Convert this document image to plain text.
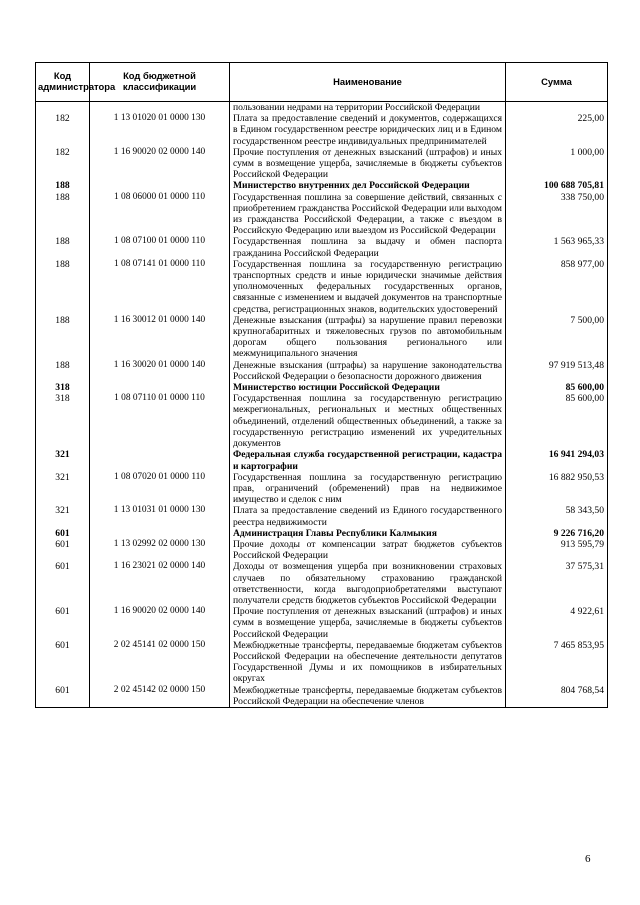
Код администратора	Код бюджетной классификации	Наименование	Сумма
		пользовании недрами на территории Российской Федерации	
182	1 13 01020 01 0000 130	Плата за предоставление сведений и документов, содержащихся в Едином государственном реестре юридических лиц и в Едином государственном реестре индивидуальных предпринимателей	225,00
182	1 16 90020 02 0000 140	Прочие поступления от денежных взысканий (штрафов) и иных сумм в возмещение ущерба, зачисляемые в бюджеты субъектов Российской Федерации	1 000,00
188		Министерство внутренних дел Российской Федерации	100 688 705,81
188	1 08 06000 01 0000 110	Государственная пошлина за совершение действий, связанных с приобретением гражданства Российской Федерации или выходом из гражданства Российской Федерации, а также с въездом в Российскую Федерацию или выездом из Российской Федерации	338 750,00
188	1 08 07100 01 0000 110	Государственная пошлина за выдачу и обмен паспорта гражданина Российской Федерации	1 563 965,33
188	1 08 07141 01 0000 110	Государственная пошлина за государственную регистрацию транспортных средств и иные юридически значимые действия уполномоченных федеральных государственных органов, связанные с изменением и выдачей документов на транспортные средства, регистрационных знаков, водительских удостоверений	858 977,00
188	1 16 30012 01 0000 140	Денежные взыскания (штрафы) за нарушение правил перевозки крупногабаритных и тяжеловесных грузов по автомобильным дорогам общего пользования регионального или межмуниципального значения	7 500,00
188	1 16 30020 01 0000 140	Денежные взыскания (штрафы) за нарушение законодательства Российской Федерации о безопасности дорожного движения	97 919 513,48
318		Министерство юстиции Российской Федерации	85 600,00
318	1 08 07110 01 0000 110	Государственная пошлина за государственную регистрацию межрегиональных, региональных и местных общественных объединений, отделений общественных объединений, а также за государственную регистрацию изменений их учредительных документов	85 600,00
321		Федеральная служба государственной регистрации, кадастра и картографии	16 941 294,03
321	1 08 07020 01 0000 110	Государственная пошлина за государственную регистрацию прав, ограничений (обременений) прав на недвижимое имущество и сделок с ним	16 882 950,53
321	1 13 01031 01 0000 130	Плата за предоставление сведений из Единого государственного реестра недвижимости	58 343,50
601		Администрация Главы Республики Калмыкия	9 226 716,20
601	1 13 02992 02 0000 130	Прочие доходы от компенсации затрат бюджетов субъектов Российской Федерации	913 595,79
601	1 16 23021 02 0000 140	Доходы от возмещения ущерба при возникновении страховых случаев по обязательному страхованию гражданской ответственности, когда выгодоприобретателями выступают получатели средств бюджетов субъектов Российской Федерации	37 575,31
601	1 16 90020 02 0000 140	Прочие поступления от денежных взысканий (штрафов) и иных сумм в возмещение ущерба, зачисляемые в бюджеты субъектов Российской Федерации	4 922,61
601	2 02 45141 02 0000 150	Межбюджетные трансферты, передаваемые бюджетам субъектов Российской Федерации на обеспечение деятельности депутатов Государственной Думы и их помощников в избирательных округах	7 465 853,95
601	2 02 45142 02 0000 150	Межбюджетные трансферты, передаваемые бюджетам субъектов Российской Федерации на обеспечение членов	804 768,54
6
